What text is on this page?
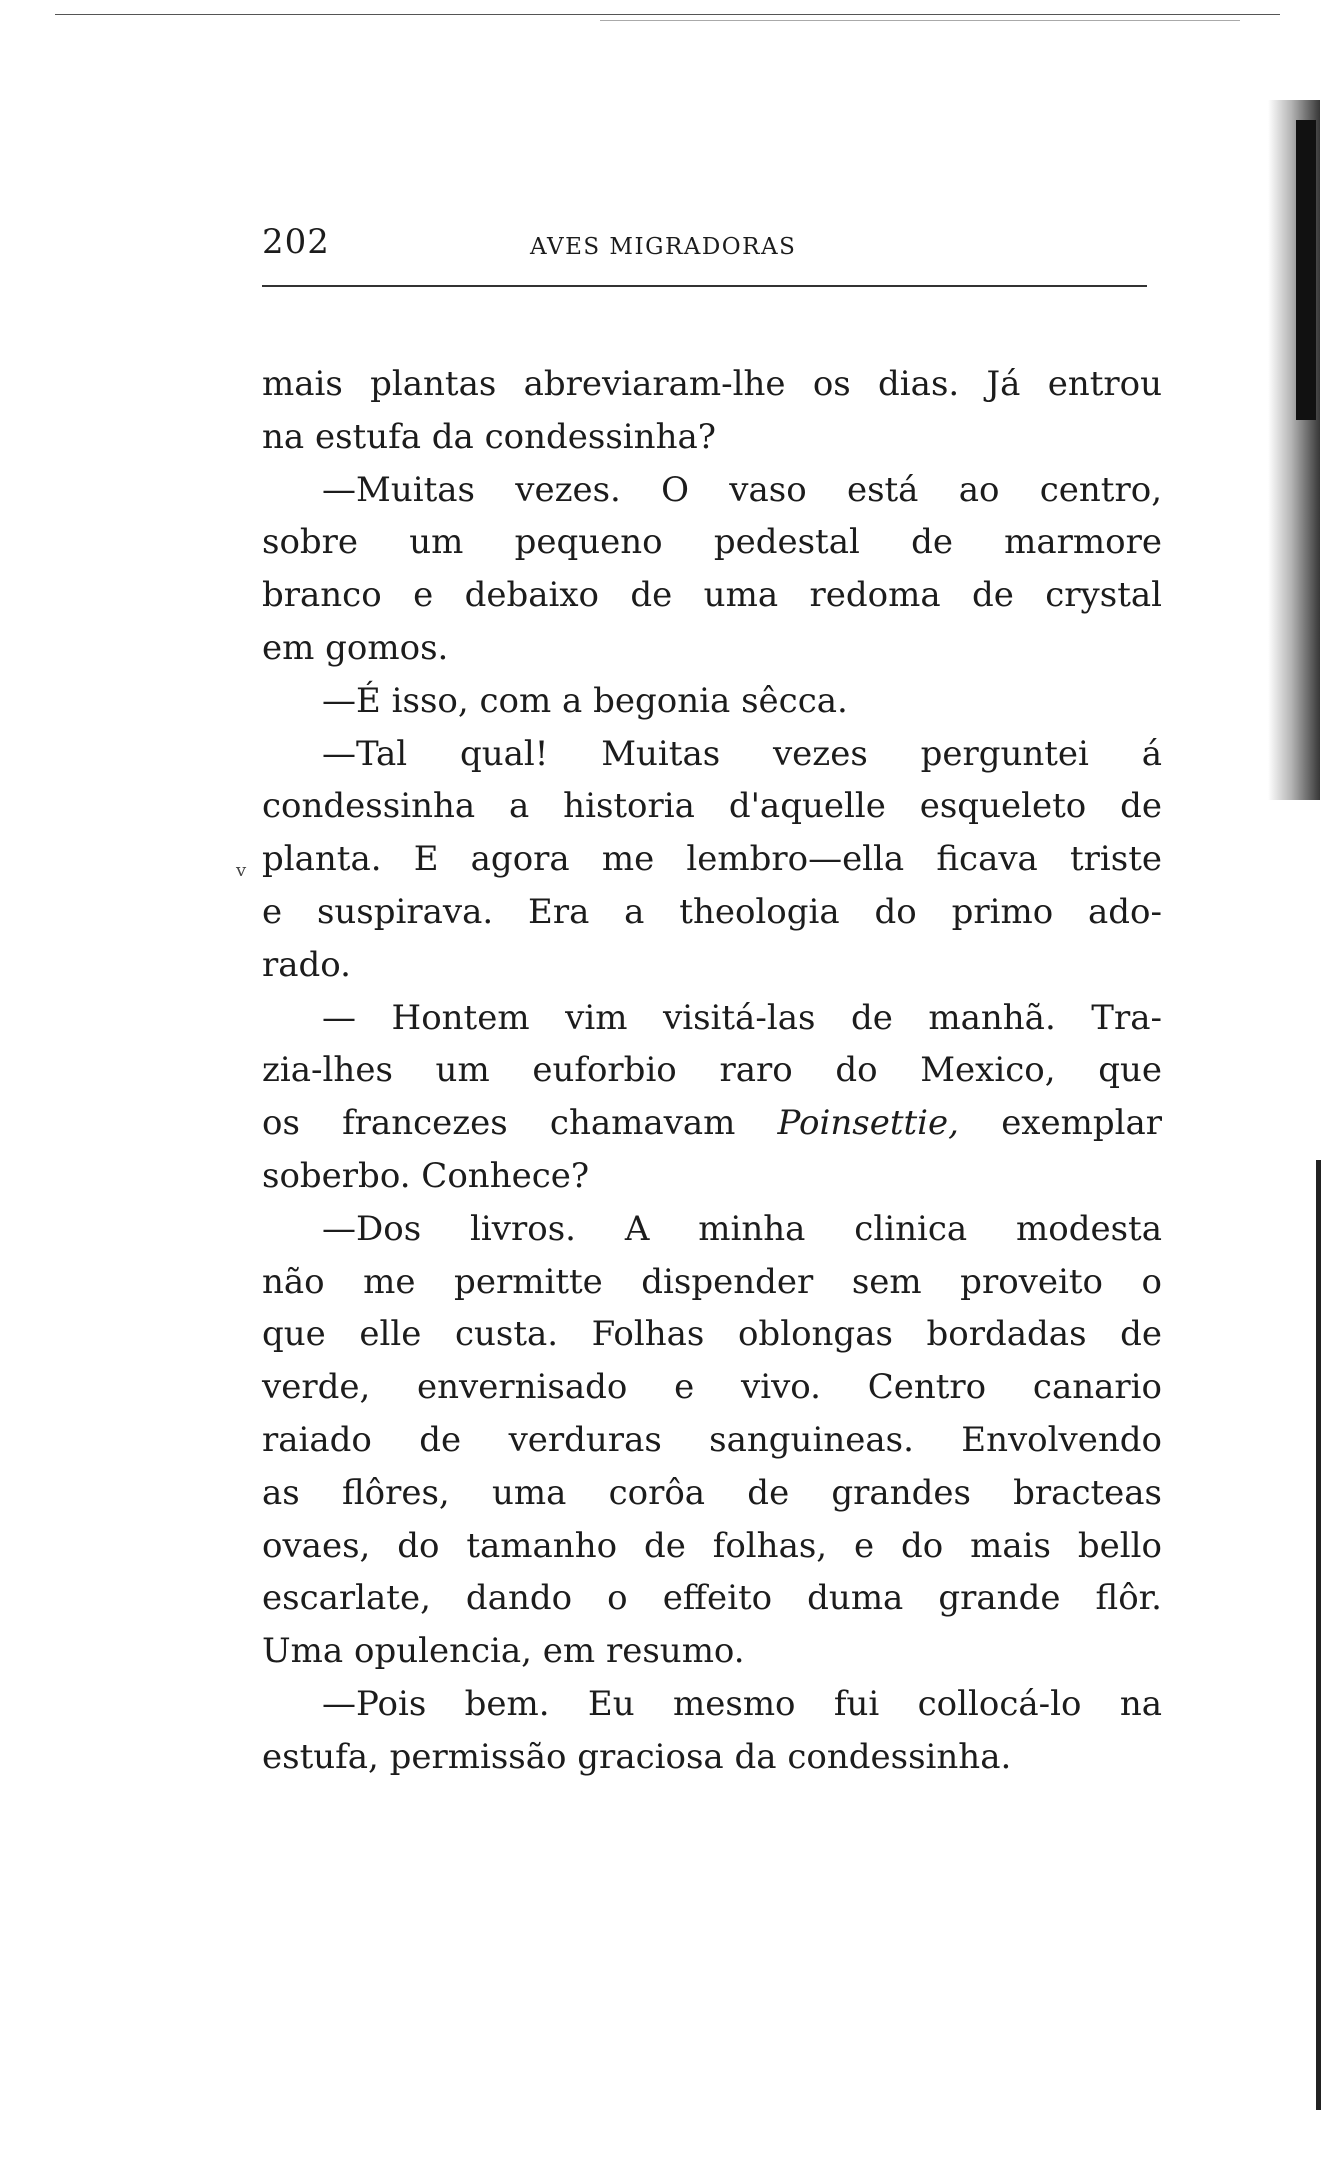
202	AVES MIGRADORAS
v
mais plantas abreviaram-lhe os dias. Já entrou
na estufa da condessinha?
—Muitas vezes. O vaso está ao centro,
sobre um pequeno pedestal de marmore
branco e debaixo de uma redoma de crystal
em gomos.
—É isso, com a begonia sêcca.
—Tal qual! Muitas vezes perguntei á
condessinha a historia d'aquelle esqueleto de
planta. E agora me lembro—ella ficava triste
e suspirava. Era a theologia do primo ado-
rado.
— Hontem vim visitá-las de manhã. Tra-
zia-lhes um euforbio raro do Mexico, que
os francezes chamavam Poinsettie, exemplar
soberbo. Conhece?
—Dos livros. A minha clinica modesta
não me permitte dispender sem proveito o
que elle custa. Folhas oblongas bordadas de
verde, envernisado e vivo. Centro canario
raiado de verduras sanguineas. Envolvendo
as flôres, uma corôa de grandes bracteas
ovaes, do tamanho de folhas, e do mais bello
escarlate, dando o effeito duma grande flôr.
Uma opulencia, em resumo.
—Pois bem. Eu mesmo fui collocá-lo na
estufa, permissão graciosa da condessinha.
